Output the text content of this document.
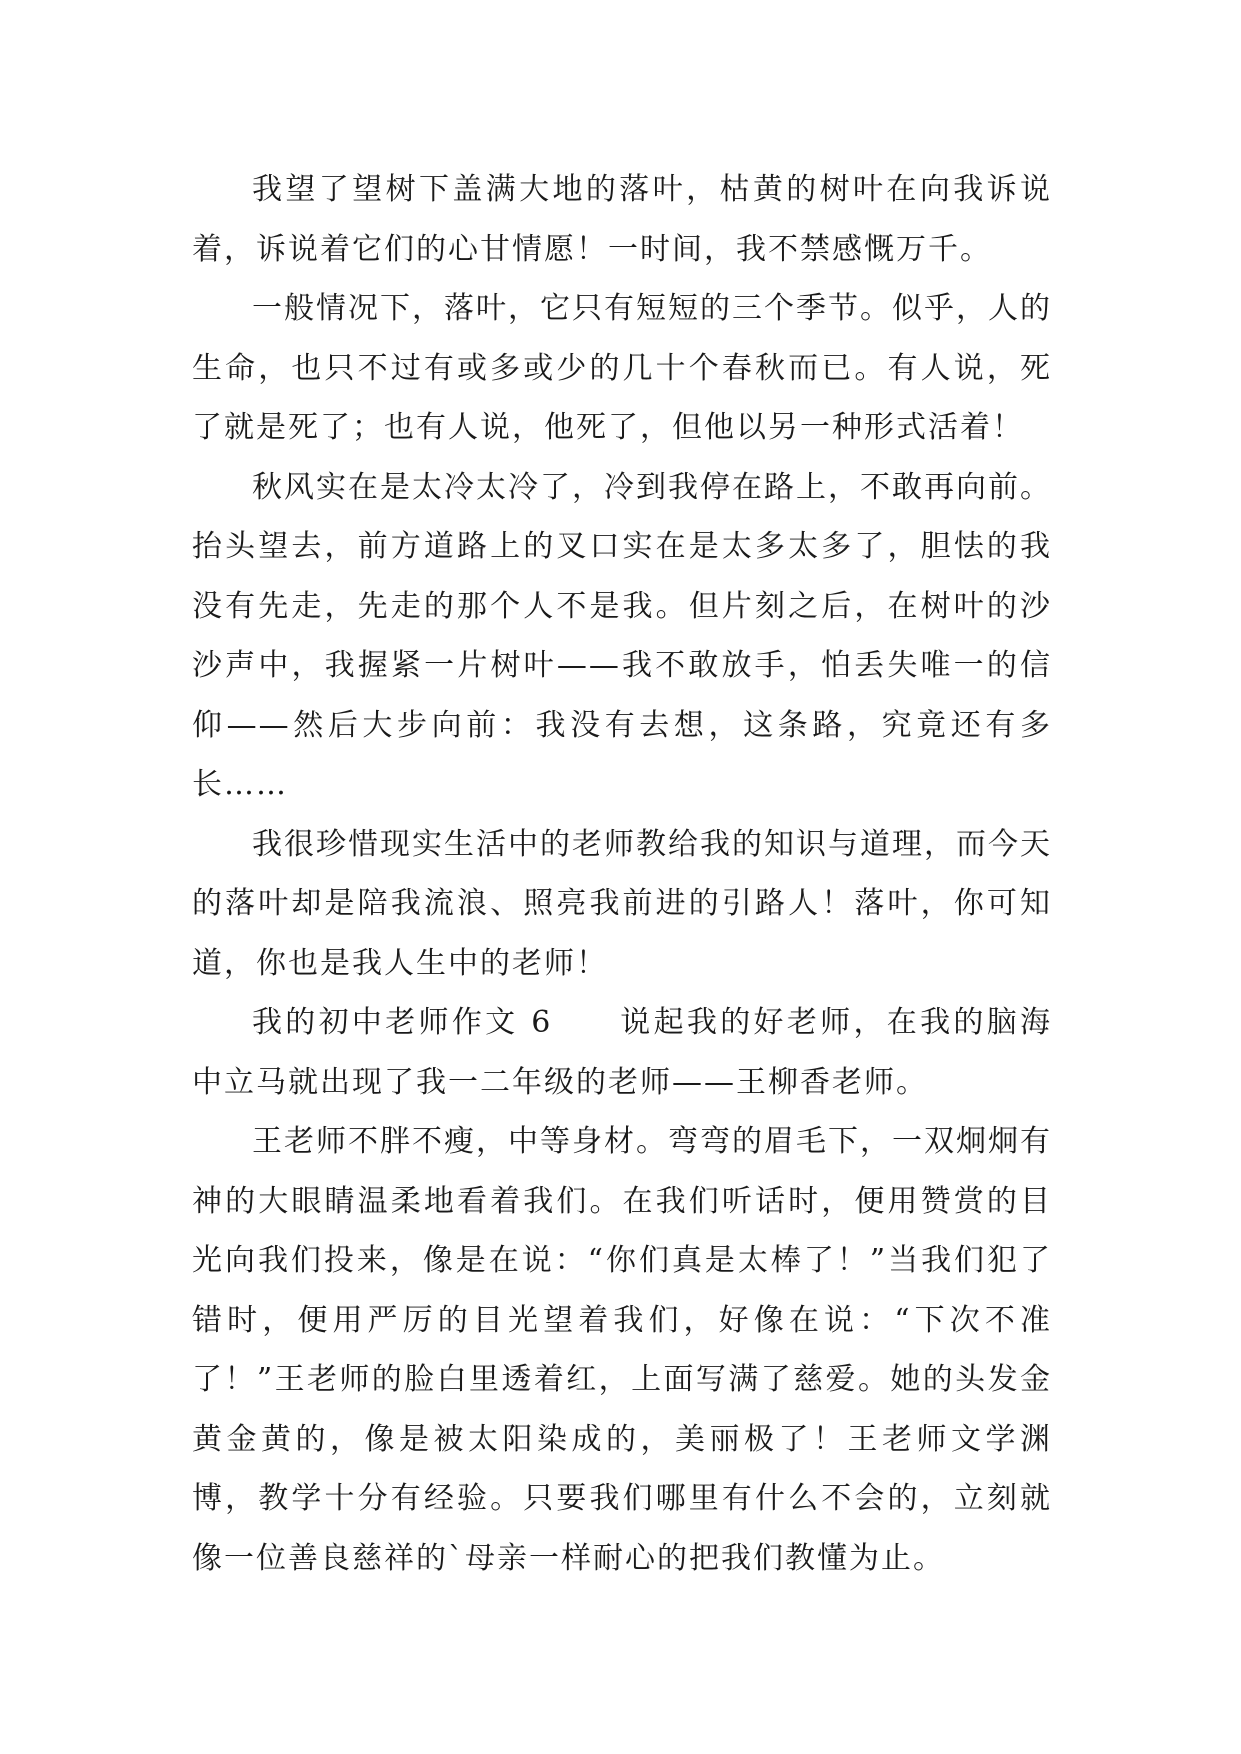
我望了望树下盖满大地的落叶，枯黄的树叶在向我诉说着，诉说着它们的心甘情愿！一时间，我不禁感慨万千。

一般情况下，落叶，它只有短短的三个季节。似乎，人的生命，也只不过有或多或少的几十个春秋而已。有人说，死了就是死了；也有人说，他死了，但他以另一种形式活着！

秋风实在是太冷太冷了，冷到我停在路上，不敢再向前。抬头望去，前方道路上的叉口实在是太多太多了，胆怯的我没有先走，先走的那个人不是我。但片刻之后，在树叶的沙沙声中，我握紧一片树叶——我不敢放手，怕丢失唯一的信仰——然后大步向前：我没有去想，这条路，究竟还有多长……

我很珍惜现实生活中的老师教给我的知识与道理，而今天的落叶却是陪我流浪、照亮我前进的引路人！落叶，你可知道，你也是我人生中的老师！

我的初中老师作文 6　　说起我的好老师，在我的脑海中立马就出现了我一二年级的老师——王柳香老师。

王老师不胖不瘦，中等身材。弯弯的眉毛下，一双炯炯有神的大眼睛温柔地看着我们。在我们听话时，便用赞赏的目光向我们投来，像是在说：“你们真是太棒了！”当我们犯了错时，便用严厉的目光望着我们，好像在说：“下次不准了！”王老师的脸白里透着红，上面写满了慈爱。她的头发金黄金黄的，像是被太阳染成的，美丽极了！王老师文学渊博，教学十分有经验。只要我们哪里有什么不会的，立刻就像一位善良慈祥的`母亲一样耐心的把我们教懂为止。
